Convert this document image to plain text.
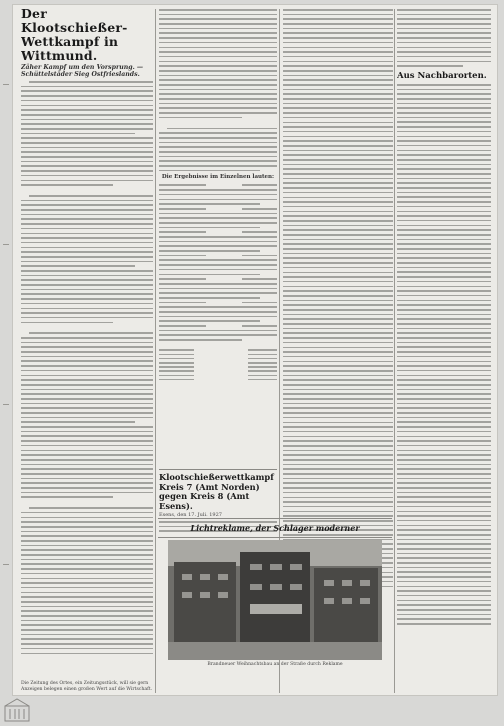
Der Klootschießer-Wettkampf in Wittmund.
Zäher Kampf um den Vorsprung. — Schüttelstäder Sieg Ostfrieslands.
Die Ergebnisse im Einzelnen lauten:
Klootschießerwettkampf Kreis 7 (Amt Norden) gegen Kreis 8 (Amt Esens).
Esens, den 17. Juli. 1927
Aus Nachbarorten.
Die Zeitung des Ortes, ein Zeitungsstück, will sie gern Anzeigen belegen einen großen Wert auf die Wirtschaft.
Lichtreklame, der Schlager moderner
Brandneuer Weihnachtsbau an der Straße durch Reklame
